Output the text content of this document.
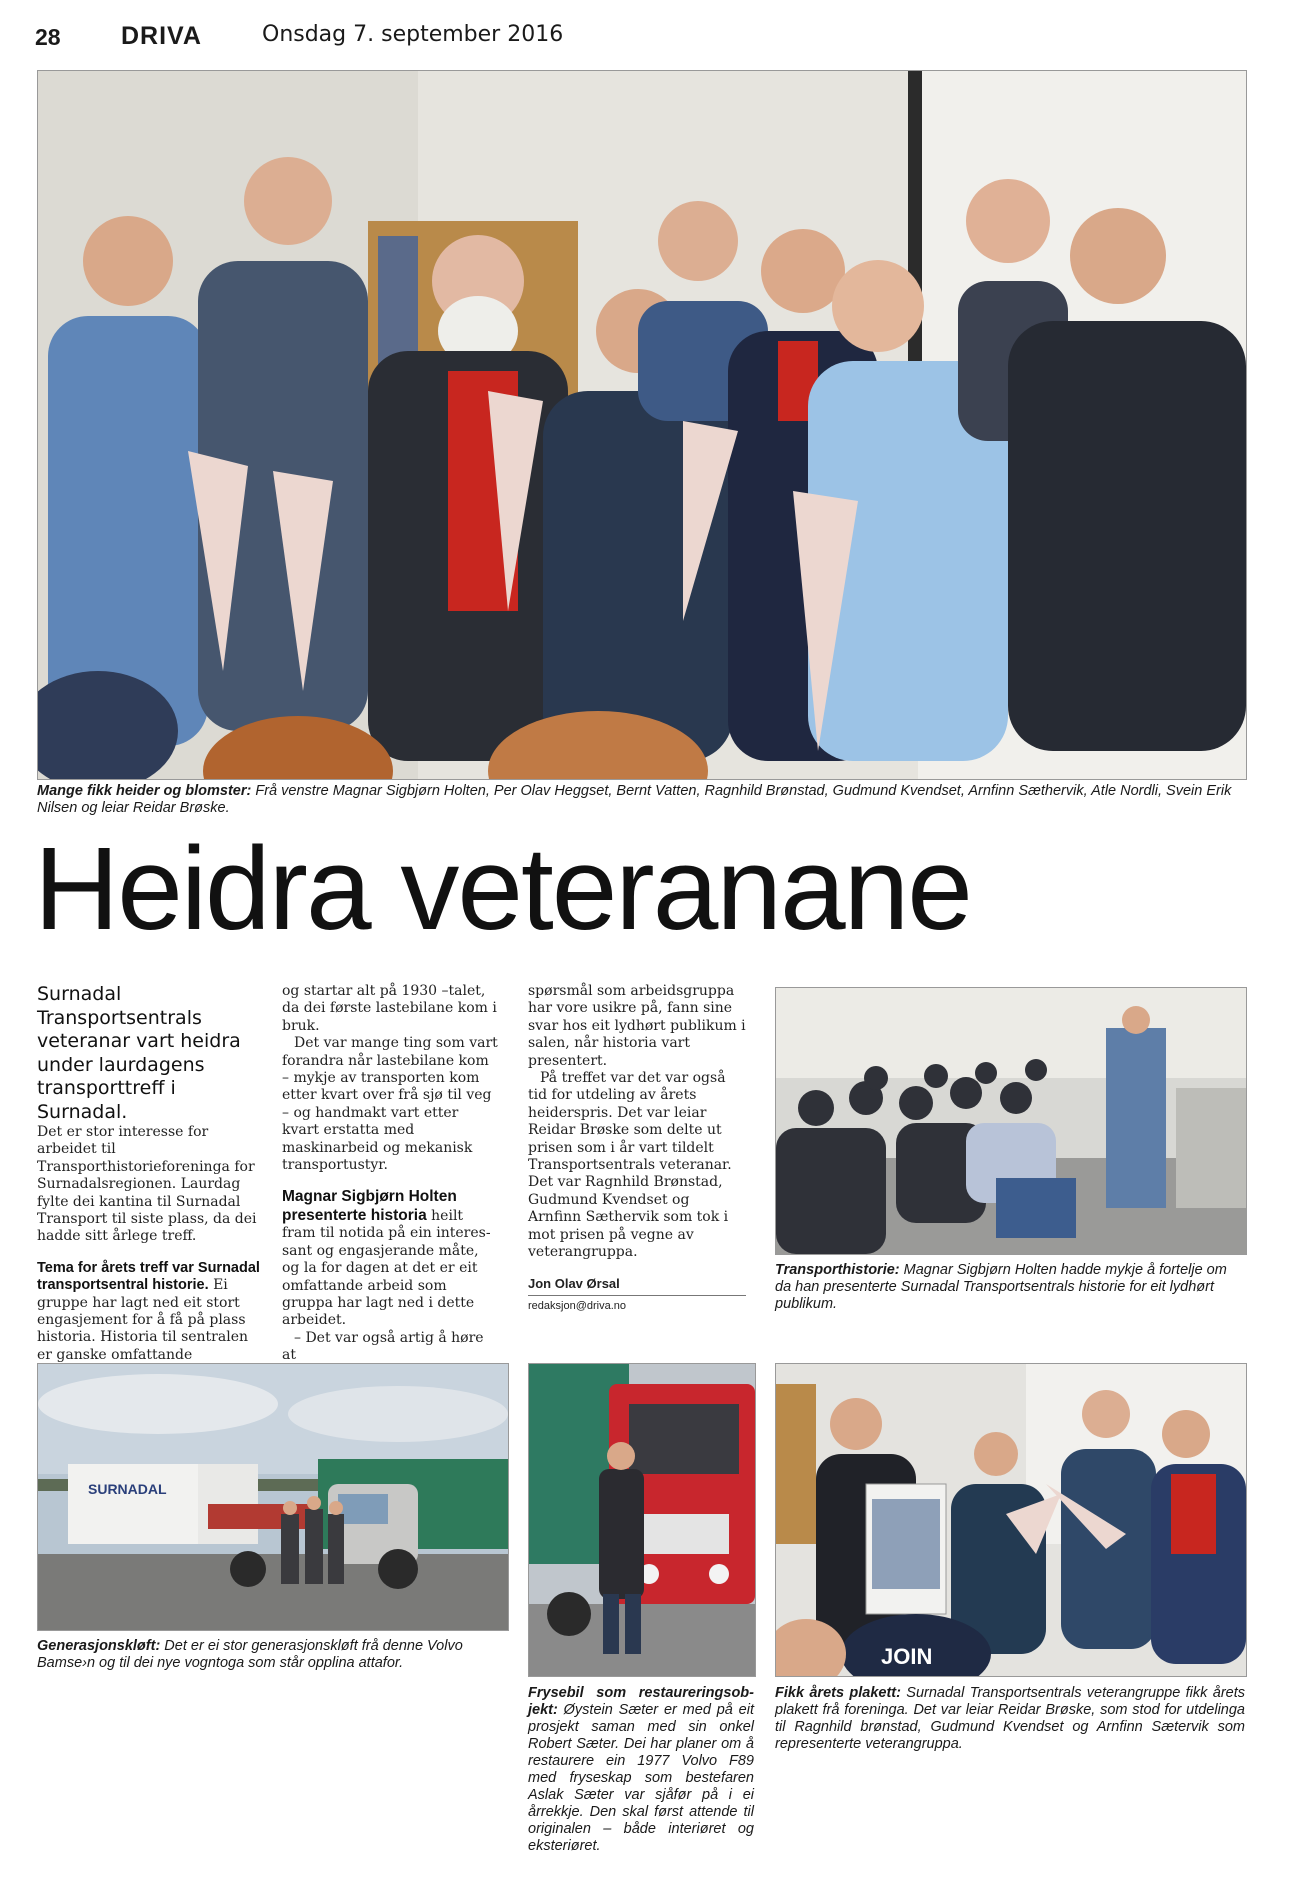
28 DRIVA	Onsdag 7. september 2016
Mange fikk heider og blomster: Frå venstre Magnar Sigbjørn Holten, Per Olav Heggset, Bernt Vatten, Ragnhild Brønstad, Gudmund Kvendset, Arnfinn Sæthervik, Atle Nordli, Svein Erik Nilsen og leiar Reidar Brøske.
Heidra veteranane

Surnadal Transportsentrals veteranar vart heidra under laurdagens transporttreff i Surnadal.

Det er stor interesse for arbeidet til Transporthistorieforeninga for Surnadalsregionen. Laurdag fylte dei kantina til Surnadal Transport til siste plass, da dei hadde sitt årlege treff.

Tema for årets treff var Surnadal transportsentral historie. Ei gruppe har lagt ned eit stort engasjement for å få på plass historia. Historia til sentralen er ganske omfattande

og startar alt på 1930 –talet, da dei første lastebilane kom i bruk.

Det var mange ting som vart forandra når lastebilane kom – mykje av transporten kom etter kvart over frå sjø til veg – og handmakt vart etter kvart erstatta med maskinarbeid og mekanisk transportustyr.

Magnar Sigbjørn Holten presenterte historia heilt fram til notida på ein interessant og engasjerande måte, og la for dagen at det er eit omfattande arbeid som gruppa har lagt ned i dette arbeidet.

– Det var også artig å høre at

spørsmål som arbeidsgruppa har vore usikre på, fann sine svar hos eit lydhørt publikum i salen, når historia vart presentert.

På treffet var det var også tid for utdeling av årets heiderspris. Det var leiar Reidar Brøske som delte ut prisen som i år vart tildelt Transportsentrals veteranar. Det var Ragnhild Brønstad, Gudmund Kvendset og Arnfinn Sæthervik som tok i mot prisen på vegne av veterangruppa.

Jon Olav Ørsal
redaksjon@driva.no
Transporthistorie: Magnar Sigbjørn Holten hadde mykje å fortelje om da han presenterte Surnadal Transportsentrals historie for eit lydhørt publikum.
SURNADAL
Generasjonskløft: Det er ei stor generasjonskløft frå denne Volvo Bamse›n og til dei nye vogntoga som står opplina attafor.
Frysebil som restaureringsobjekt: Øystein Sæter er med på eit prosjekt saman med sin onkel Robert Sæter. Dei har planer om å restaurere ein 1977 Volvo F89 med fryseskap som bestefaren Aslak Sæter var sjåfør på i ei årrekkje. Den skal først attende til originalen – både interiøret og eksteriøret.
JOIN
Fikk årets plakett: Surnadal Transportsentrals veterangruppe fikk årets plakett frå foreninga. Det var leiar Reidar Brøske, som stod for utdelinga til Ragnhild brønstad, Gudmund Kvendset og Arnfinn Sætervik som representerte veterangruppa.
